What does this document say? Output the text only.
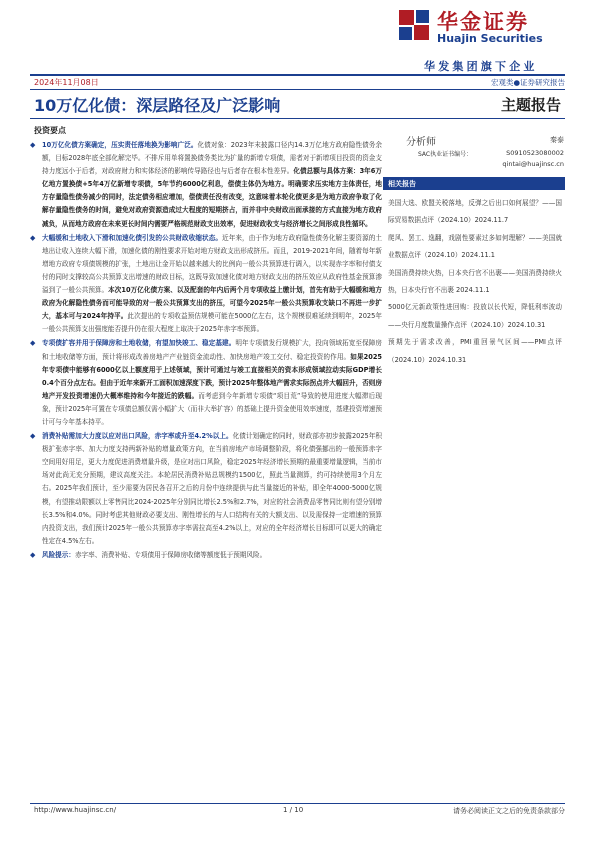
华金证券
Huajin Securities
华发集团旗下企业
2024年11月08日	宏观类●证券研究报告
10万亿化债：深层路径及广泛影响	主题报告
投资要点
◆ 10万亿化债方案确定，压实责任落地换为影响广泛。化债对象：2023年末披露口径内14.3万亿地方政府隐性债务余额，目标2028年底全部化解完毕。不排斥用单将置换债务类比为扩量的新增专项债，需者对于新增项目投资的资金支持力度远小于后者，对政府财力和实体经济的影响传导路径也与后者存在根本性差异。化债总额与具体方案：3年6万亿地方置换债+5年4万亿新增专项债，5年节约6000亿利息，偿债主体仍为地方。明确要求压实地方主体责任，地方存量隐性债务减少的同时，法定债务相应增加，偿债责任没有改变，这意味着本轮化债更多是为地方政府争取了化解存量隐性债务的时间，避免对政府资源造成过大程度的短期挤占，而并非中央财政出面承接的方式直接为地方政府减负，从而地方政府在未来更长时间内需要严格规范财政支出效率，促进财政收支与经济增长之间形成良性循环。
◆ 大幅缓和土地收入下滑和加速化债引发的公共财政收缩状态。近年来，由于作为地方政府隐性债务化解主要资源的土地出让收入连续大幅下滑，加速化债的刚性要求开始对地方财政支出形成挤压。而且，2019-2021年间，随着每年新增地方政府专项债规模的扩张，土地出让金开始以越来越大的比例向一般公共预算进行调入，以实现赤字率和付债支付的同时支撑较高公共预算支出增速的财政目标，这既导致加速化债对地方财政支出的挤压效应从政府性基金预算渗溢到了一般公共预算。本次10万亿化债方案、以及配套的年内后两个月专项收益上缴计划，首先有助于大幅缓和地方政府为化解隐性债务而可能导致的对一般公共预算支出的挤压，可望今2025年一般公共预算收支缺口不再进一步扩大，基本可与2024年持平。此次提出的专项收益预估规模可能在5000亿左右，这个规模很难延续到明年，2025年一般公共预算支出强度能否提升仍在很大程度上取决于2025年赤字率预算。
◆ 专项债扩容并用于保障房和土地收储，有望加快竣工、稳定基建。明年专项债发行规模扩大，投向领域拓宽至保障房和土地收储等方面，预计将形成改善房地产产业链资金流动性、加快房地产竣工交付、稳定投资的作用。如果2025年专项债中能够有6000亿以上额度用于上述领域，预计可通过与竣工直接相关的资本形成领域拉动实际GDP增长0.4个百分点左右。但由于近年来新开工面积加速深度下跌，预计2025年整体地产需求实际拐点并大幅回升，否则房地产开发投资增速仍大概率维持和今年接近的跌幅。而考虑到今年新增专项债“项目荒”导致的使用进度大幅滞后现象，预计2025年可置在专项债总额仅需小幅扩大（而非大举扩容）的基础上提升资金使用效率速度，基建投资增速预计可与今年基本持平。
◆ 消费补贴需加大力度以应对出口风险，赤字率或升至4.2%以上。化债计划确定的同时，财政部亦初步披露2025年积极扩张赤字率、加大力度支持两新补贴的增量政策方向，在当前房地产市场调整阶段，将化债强挪出的一般预算赤字空间用好用足，更大力度促进消费增量升级，是应对出口风险，稳定2025年经济增长预期的最重要增量逻辑，当前市场对此尚无充分预期，建议高度关注。本轮居民消费补贴总规模约1500亿，照此当量测算，约可持续使用3个月左右。2025年我们预计，至少需要为居民各召开之后的月份中连续提供与此当量接近的补贴，即全年4000-5000亿规模，有望推动限额以上零售同比2024-2025年分别同比增长2.5%和2.7%，对应的社会消费品零售同比则有望分别增长3.5%和4.0%。同时考虑其他财政必要支出、刚性增长的与人口结构有关的大额支出、以及需保持一定增速的预算内投资支出，我们预计2025年一般公共预算赤字率需拉高至4.2%以上，对应的全年经济增长目标即可以更大的确定性定在4.5%左右。
◆ 风险提示：赤字率、消费补贴、专项债用于保障房收储等额度低于预期风险。
分析师	秦泰
SAC执业证书编号：	S0910523080002
qintai@huajinsc.cn
相关报告
美国大选、欧盟关税落地，反弹之后出口如何展望？——国际贸易数据点评（2024.10）2024.11.7
爬风、罢工、逸翻，戏剧性要素过多如何理解？——美国就业数据点评（2024.10）2024.11.1
美国消费持续火热，日本央行官不出裹——美国消费持续火热，日本央行官不出裹 2024.11.1
5000亿元新政策性进回购：投放以长代短，降低利率波动——央行月度数量操作点评（2024.10）2024.10.31
预期先于需求改善，PMI重回景气区间——PMI点评（2024.10）2024.10.31
http://www.huajinsc.cn/	1 / 10	请务必阅读正文之后的免责条款部分
